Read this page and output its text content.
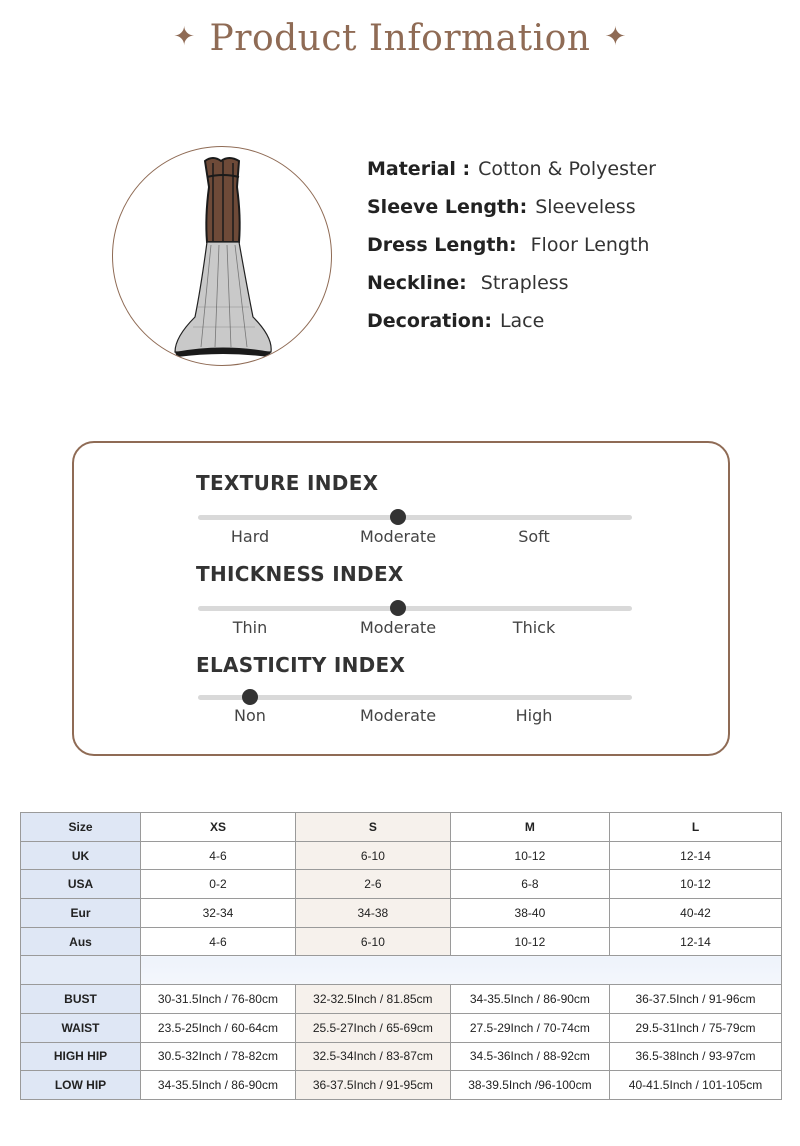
✦ Product Information ✦
Material : Cotton & Polyester
Sleeve Length: Sleeveless
Dress Length: Floor Length
Neckline: Strapless
Decoration: Lace
TEXTURE INDEX
Hard	Moderate	Soft
THICKNESS INDEX
Thin	Moderate	Thick
ELASTICITY INDEX
Non	Moderate	High
Size	XS	S	M	L
UK	4-6	6-10	10-12	12-14
USA	0-2	2-6	6-8	10-12
Eur	32-34	34-38	38-40	40-42
Aus	4-6	6-10	10-12	12-14

BUST	30-31.5Inch / 76-80cm	32-32.5Inch / 81.85cm	34-35.5Inch / 86-90cm	36-37.5Inch / 91-96cm
WAIST	23.5-25Inch / 60-64cm	25.5-27Inch / 65-69cm	27.5-29Inch / 70-74cm	29.5-31Inch / 75-79cm
HIGH HIP	30.5-32Inch / 78-82cm	32.5-34Inch / 83-87cm	34.5-36Inch / 88-92cm	36.5-38Inch / 93-97cm
LOW HIP	34-35.5Inch / 86-90cm	36-37.5Inch / 91-95cm	38-39.5Inch /96-100cm	40-41.5Inch / 101-105cm
